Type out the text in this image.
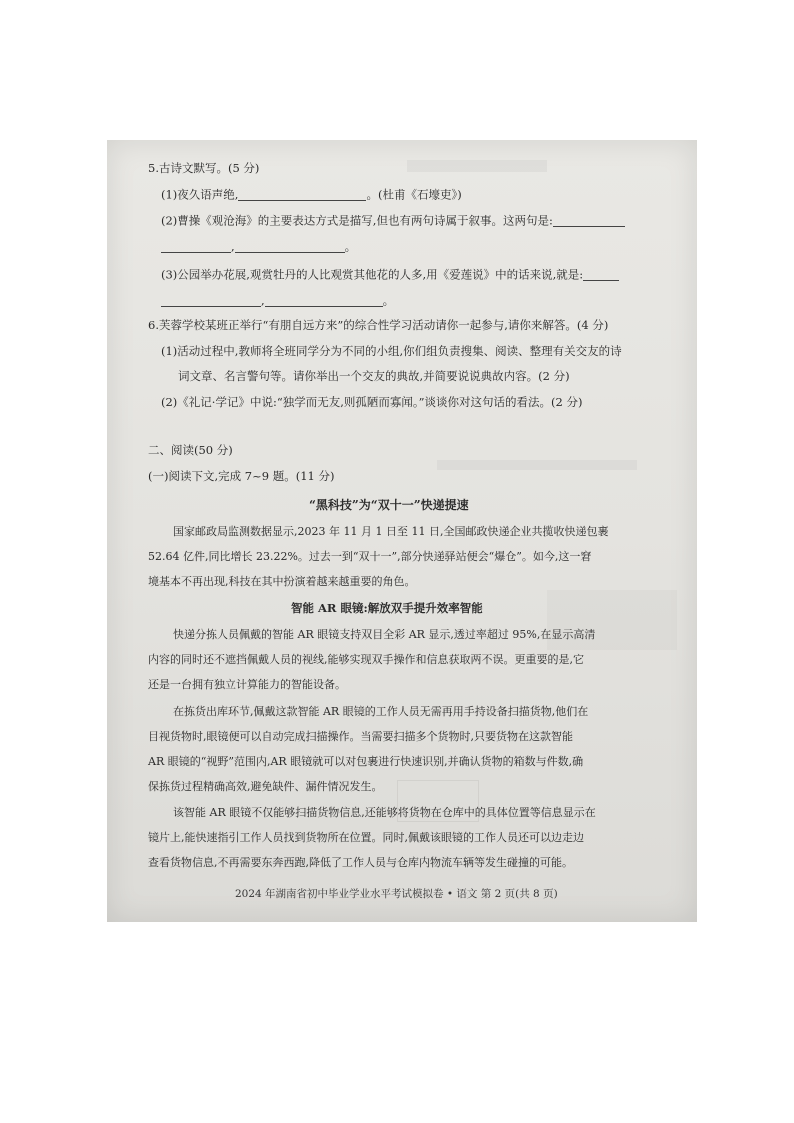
5.古诗文默写。(5 分)
(1)夜久语声绝,	。(杜甫《石壕吏》)
(2)曹操《观沧海》的主要表达方式是描写,但也有两句诗属于叙事。这两句是:
,	。
(3)公园举办花展,观赏牡丹的人比观赏其他花的人多,用《爱莲说》中的话来说,就是:
,	。
6.芙蓉学校某班正举行“有朋自远方来”的综合性学习活动请你一起参与,请你来解答。(4 分)
(1)活动过程中,教师将全班同学分为不同的小组,你们组负责搜集、阅读、整理有关交友的诗
词文章、名言警句等。请你举出一个交友的典故,并简要说说典故内容。(2 分)
(2)《礼记·学记》中说:“独学而无友,则孤陋而寡闻。”谈谈你对这句话的看法。(2 分)
二、阅读(50 分)
(一)阅读下文,完成 7~9 题。(11 分)
“黑科技”为“双十一”快递提速
国家邮政局监测数据显示,2023 年 11 月 1 日至 11 日,全国邮政快递企业共揽收快递包裹
52.64 亿件,同比增长 23.22%。过去一到“双十一”,部分快递驿站便会“爆仓”。如今,这一窘
境基本不再出现,科技在其中扮演着越来越重要的角色。
智能 AR 眼镜:解放双手提升效率智能
快递分拣人员佩戴的智能 AR 眼镜支持双目全彩 AR 显示,透过率超过 95%,在显示高清
内容的同时还不遮挡佩戴人员的视线,能够实现双手操作和信息获取两不误。更重要的是,它
还是一台拥有独立计算能力的智能设备。
在拣货出库环节,佩戴这款智能 AR 眼镜的工作人员无需再用手持设备扫描货物,他们在
目视货物时,眼镜便可以自动完成扫描操作。当需要扫描多个货物时,只要货物在这款智能
AR 眼镜的“视野”范围内,AR 眼镜就可以对包裹进行快速识别,并确认货物的箱数与件数,确
保拣货过程精确高效,避免缺件、漏件情况发生。
该智能 AR 眼镜不仅能够扫描货物信息,还能够将货物在仓库中的具体位置等信息显示在
镜片上,能快速指引工作人员找到货物所在位置。同时,佩戴该眼镜的工作人员还可以边走边
查看货物信息,不再需要东奔西跑,降低了工作人员与仓库内物流车辆等发生碰撞的可能。
2024 年湖南省初中毕业学业水平考试模拟卷 • 语文 第 2 页(共 8 页)
